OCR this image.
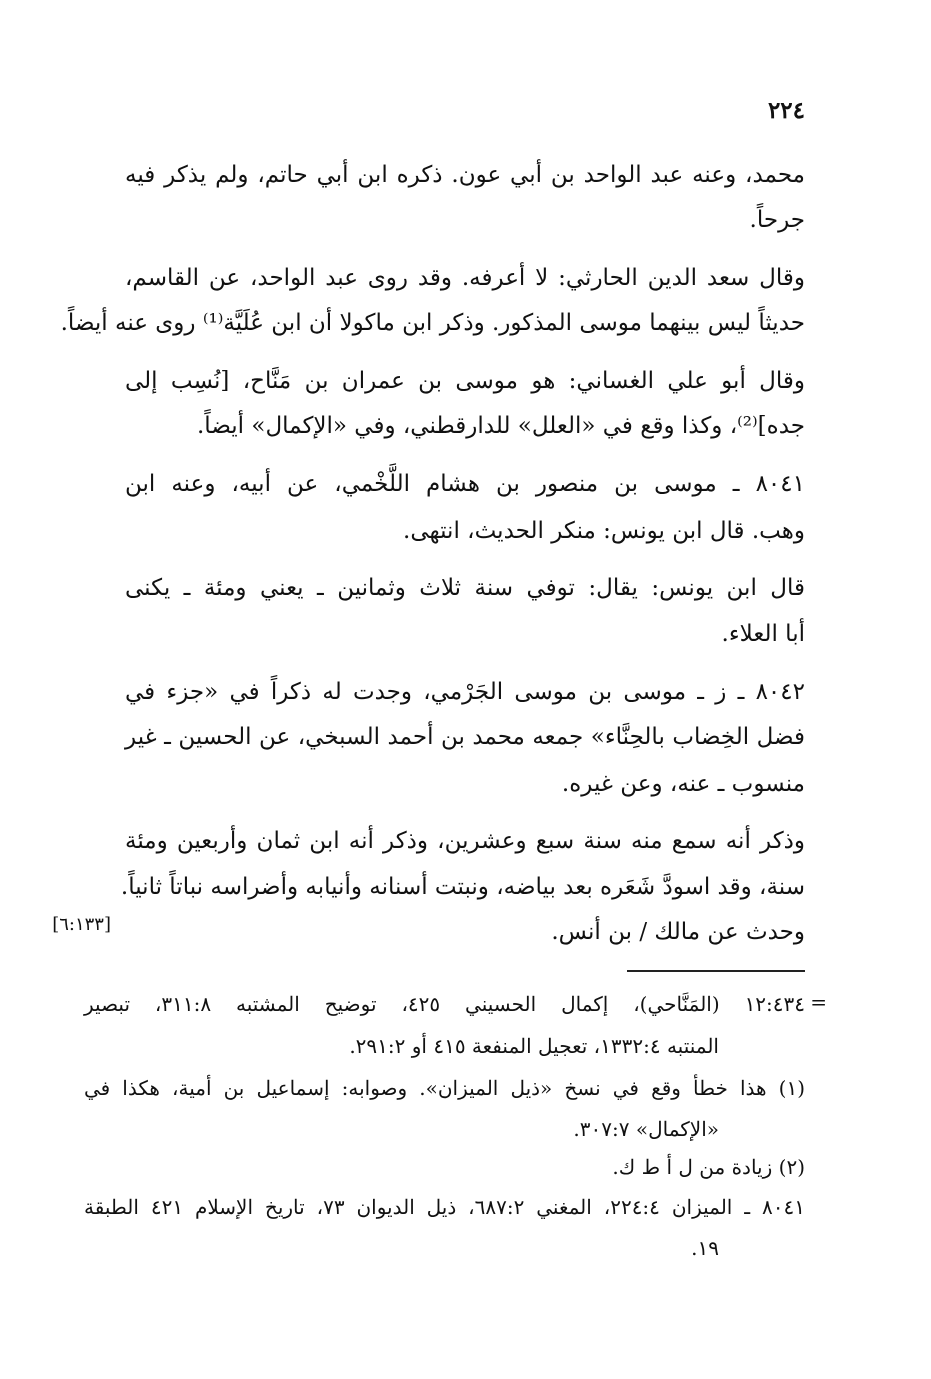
٢٢٤
محمد، وعنه عبد الواحد بن أبي عون. ذكره ابن أبي حاتم، ولم يذكر فيه
جرحاً.
وقال سعد الدين الحارثي: لا أعرفه. وقد روى عبد الواحد، عن القاسم،
حديثاً ليس بينهما موسى المذكور. وذكر ابن ماكولا أن ابن عُلَيَّة⁽¹⁾ روى عنه أيضاً.
وقال أبو علي الغساني: هو موسى بن عمران بن مَنَّاح، [نُسِب إلى
جده]⁽²⁾، وكذا وقع في «العلل» للدارقطني، وفي «الإكمال» أيضاً.
٨٠٤١ ـ موسى بن منصور بن هشام اللَّخْمي، عن أبيه، وعنه ابن
وهب. قال ابن يونس: منكر الحديث، انتهى.
قال ابن يونس: يقال: توفي سنة ثلاث وثمانين ـ يعني ومئة ـ يكنى
أبا العلاء.
٨٠٤٢ ـ ز ـ موسى بن موسى الجَرْمي، وجدت له ذكراً في «جزء في
فضل الخِضاب بالحِنَّاء» جمعه محمد بن أحمد السبخي، عن الحسين ـ غير
منسوب ـ عنه، وعن غيره.
وذكر أنه سمع منه سنة سبع وعشرين، وذكر أنه ابن ثمان وأربعين ومئة
سنة، وقد اسودَّ شَعَره بعد بياضه، ونبتت أسنانه وأنيابه وأضراسه نباتاً ثانياً.
وحدث عن مالك / بن أنس.
[٦:١٣٣]
=
١٢:٤٣٤ (المَنَّاحي)، إكمال الحسيني ٤٢٥، توضيح المشتبه ٣١١:٨، تبصير
المنتبه ١٣٣٢:٤، تعجيل المنفعة ٤١٥ أو ٢٩١:٢.
(١) هذا خطأ وقع في نسخ «ذيل الميزان». وصوابه: إسماعيل بن أمية، هكذا في
«الإكمال» ٣٠٧:٧.
(٢) زيادة من ل أ ط ك.
٨٠٤١ ـ الميزان ٢٢٤:٤، المغني ٦٨٧:٢، ذيل الديوان ٧٣، تاريخ الإسلام ٤٢١ الطبقة
١٩.
